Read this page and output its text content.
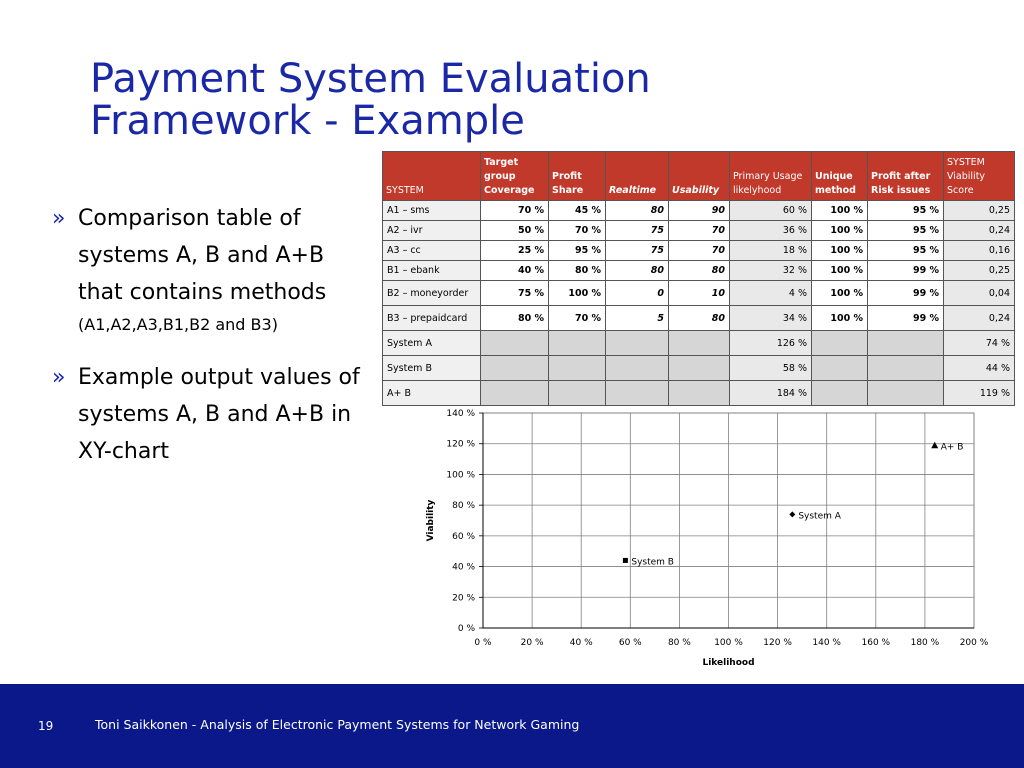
Payment System Evaluation Framework - Example
» Comparison table of systems A, B and A+B that contains methods
(A1,A2,A3,B1,B2 and B3)
» Example output values of systems A, B and A+B in XY-chart
SYSTEM	Target group Coverage	Profit Share	Realtime	Usability	Primary Usage likelyhood	Unique method	Profit after Risk issues	SYSTEM Viability Score
A1 – sms	70 %	45 %	80	90	60 %	100 %	95 %	0,25
A2 – ivr	50 %	70 %	75	70	36 %	100 %	95 %	0,24
A3 – cc	25 %	95 %	75	70	18 %	100 %	95 %	0,16
B1 – ebank	40 %	80 %	80	80	32 %	100 %	99 %	0,25
B2 – moneyorder	75 %	100 %	0	10	4 %	100 %	99 %	0,04
B3 – prepaidcard	80 %	70 %	5	80	34 %	100 %	99 %	0,24
System A					126 %			74 %
System B					58 %			44 %
A+ B					184 %			119 %
0 %	20 %	40 %	60 %	80 %	100 % 120 % 140 % 160 % 180 % 200 %
0 %
20 %
40 %
60 %
80 %
100 %
120 %
140 %
Likelihood
Viability	System A
System B
A+ B
19	Toni Saikkonen - Analysis of Electronic Payment Systems for Network Gaming
